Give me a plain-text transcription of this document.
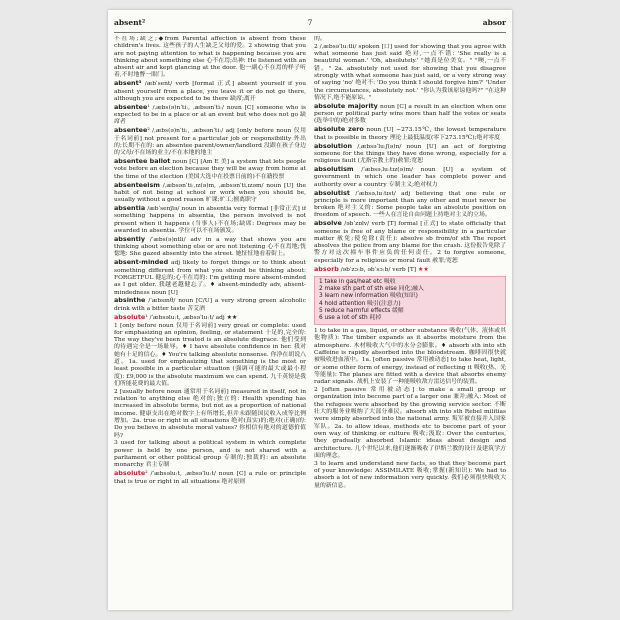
absent²	7	absor

不在场;缺乏;◆from Parental affection is absent from these children's lives. 这些孩子的人生缺乏父母的爱。2 showing that you are not paying attention to what is happening because you are thinking about something else 心不在焉;出神: He listened with an absent air and kept glancing at the door. 他一副心不在焉的样子听着,不时地瞥一眼门。

absent³ /æbˈsent/ verb [formal 正式] absent yourself if you absent yourself from a place, you leave it or do not go there, although you are expected to be there 缺席;离开

absentee¹ /ˌæbs(ə)nˈtiː, ˌæbsənˈtiː/ noun [C] someone who is expected to be in a place or at an event but who does not go 缺席者

absentee² /ˌæbs(ə)nˈtiː, ˌæbsənˈtiː/ adj [only before noun 仅用于名词前] not present for a particular job or responsibility 外出的;长期不在的: an absentee parent/owner/landlord 没跟在孩子身边的父母/不在场的业主/不在本地的地主

absentee ballot noun [C] [Am E 美] a system that lets people vote before an election because they will be away from home at the time of the election (美国大选中在投票日前的)不在籍投票

absenteeism /ˌæbsənˈtiːˌɪz(ə)m, ˌæbsənˈtiˌɪzəm/ noun [U] the habit of not being at school or work when you should be, usually without a good reason 旷课;旷工;擅离职守

absentia /æbˈsenʃiə/ noun in absentia very formal [非常正式] if something happens in absentia, the person involved is not present when it happens (当事人)不在场;缺席: Degrees may be awarded in absentia. 学位可以不在场颁发。

absently /ˈæbs(ə)ntli/ adv in a way that shows you are thinking about something else or are not listening 心不在焉地;恍惚地: She gazed absently into the street. 她怔怔地看着街上。

absent-minded adj likely to forget things or to think about something different from what you should be thinking about: FORGETFUL 健忘的;心不在焉的: I'm getting more absent-minded as I get older. 我越老越健忘了。♦ absent-mindedly adv, absent-mindedness noun [U]

absinthe /ˈæbsɪnθ/ noun [C/U] a very strong green alcoholic drink with a bitter taste 苦艾酒

absolute¹ /ˈæbsəluːt, ˌæbsəˈluːt/ adj ★★

1 [only before noun 仅用于名词前] very great or complete: used for emphasizing an opinion, feeling, or statement 十足的,完全的: The way they've been treated is an absolute disgrace. 他们受到的待遇完全是一场耻辱。♦ I have absolute confidence in her. 我对她有十足的信心。♦ You're talking absolute nonsense. 你净在胡说八道。1a. used for emphasizing that something is the most or least possible in a particular situation (强调可能的最大或最小程度): £9,000 is the absolute maximum we can spend. 九千英镑是我们所能花费的最大值。

2 [usually before noun 通常用于名词前] measured in itself, not in relation to anything else 绝对的;独立的: Health spending has increased in absolute terms, but not as a proportion of national income. 健康支出在绝对数字上有所增长,但并未跟随国民收入成等比例增加。2a. true or right in all situations 绝对(真实)的;绝对(正确)的: Do you believe in absolute moral values? 你相信有绝对的道德价值吗?

3 used for talking about a political system in which complete power is held by one person, and is not shared with a parliament or other political group 专制的;独裁的: an absolute monarchy 君主专制

absolute² /ˈæbsəluːt, ˌæbsəˈluːt/ noun [C] a rule or principle that is true or right in all situations 绝对原则

的。

2 /ˌæbsəˈluːtli/ spoken [口] used for showing that you agree with what someone has just said 绝对,一点不错: 'She really is a beautiful woman.' 'Oh, absolutely.' "她真是位美女。" "噢,一点不错。" 2a. absolutely not used for showing that you disagree strongly with what someone has just said, or a very strong way of saying 'no' 绝对不: 'Do you think I should forgive him?' 'Under the circumstances, absolutely not.' "你认为我该原谅他吗?" "在这种情况下,绝不能原谅。"

absolute majority noun [C] a result in an election when one person or political party wins more than half the votes or seats (选举中的)绝对多数

absolute zero noun [U] −273.15℃, the lowest temperature that is possible in theory 理论上最低温度(零下273.15℃);绝对零度

absolution /ˌæbsəˈluːʃ(ə)n/ noun [U] an act of forgiving someone for the things they have done wrong, especially for a religious fault (尤指宗教上的)赦罪;宽恕

absolutism /ˈæbsəˌluːtɪz(ə)m/ noun [U] a system of government in which one leader has complete power and authority over a country 专制主义;绝对权力

absolutist /ˈæbsəˌluːtɪst/ adj believing that one rule or principle is more important than any other and must never be broken 绝对主义的: Some people take an absolute position on freedom of speech. 一些人在言论自由问题上持绝对主义的立场。

absolve /əbˈzɒlv/ verb [T] formal [正式] to state officially that someone is free of any blame or responsibility in a particular matter 赦免;使免除(责任): absolve sb from/of sth The report absolves the police from any blame for the crash. 这份报告免除了警方对这次撞车事件应负的任何责任。2 to forgive someone, especially for a religious or moral fault 赦罪;宽恕

absorb /əbˈzɔːb, əbˈsɔːb/ verb [T] ★★

1 take in gas/heat etc 吸收
2 make sth part of sth else 同化;融入
3 learn new information 吸收(知识)
4 hold attention 吸引(注意力)
5 reduce harmful effects 缓解
6 use a lot of sth 耗掉

1 to take in a gas, liquid, or other substance 吸收(气体、液体或其他物质): The timber expands as it absorbs moisture from the atmosphere. 木材吸收大气中的水分会膨胀。♦ absorb sth into sth Caffeine is rapidly absorbed into the bloodstream. 咖啡因很快就被吸收进血液中。1a. [often passive 常用被动态] to take heat, light, or some other form of energy, instead of reflecting it 吸收(热、光等能量): The planes are fitted with a device that absorbs enemy radar signals. 战机上安装了一种能吸收敌方雷达信号的装置。

2 [often passive 常用被动态] to make a small group or organization into become part of a larger one 兼并;融入: Most of the refugees were absorbed by the growing service sector. 不断壮大的服务业吸纳了大部分难民。absorb sth into sth Rebel militias were simply absorbed into the national army. 叛军被直接并入国家军队。2a. to allow ideas, methods etc to become part of your own way of thinking or culture 吸收;汲取: Over the centuries, they gradually absorbed Islamic ideas about design and architecture. 几个世纪以来,他们逐渐吸收了伊斯兰教的设计及建筑学方面的理念。

3 to learn and understand new facts, so that they become part of your knowledge: ASSIMILATE 吸收;掌握(新知识): We had to absorb a lot of new information very quickly. 我们必须很快吸收大量的新信息。
